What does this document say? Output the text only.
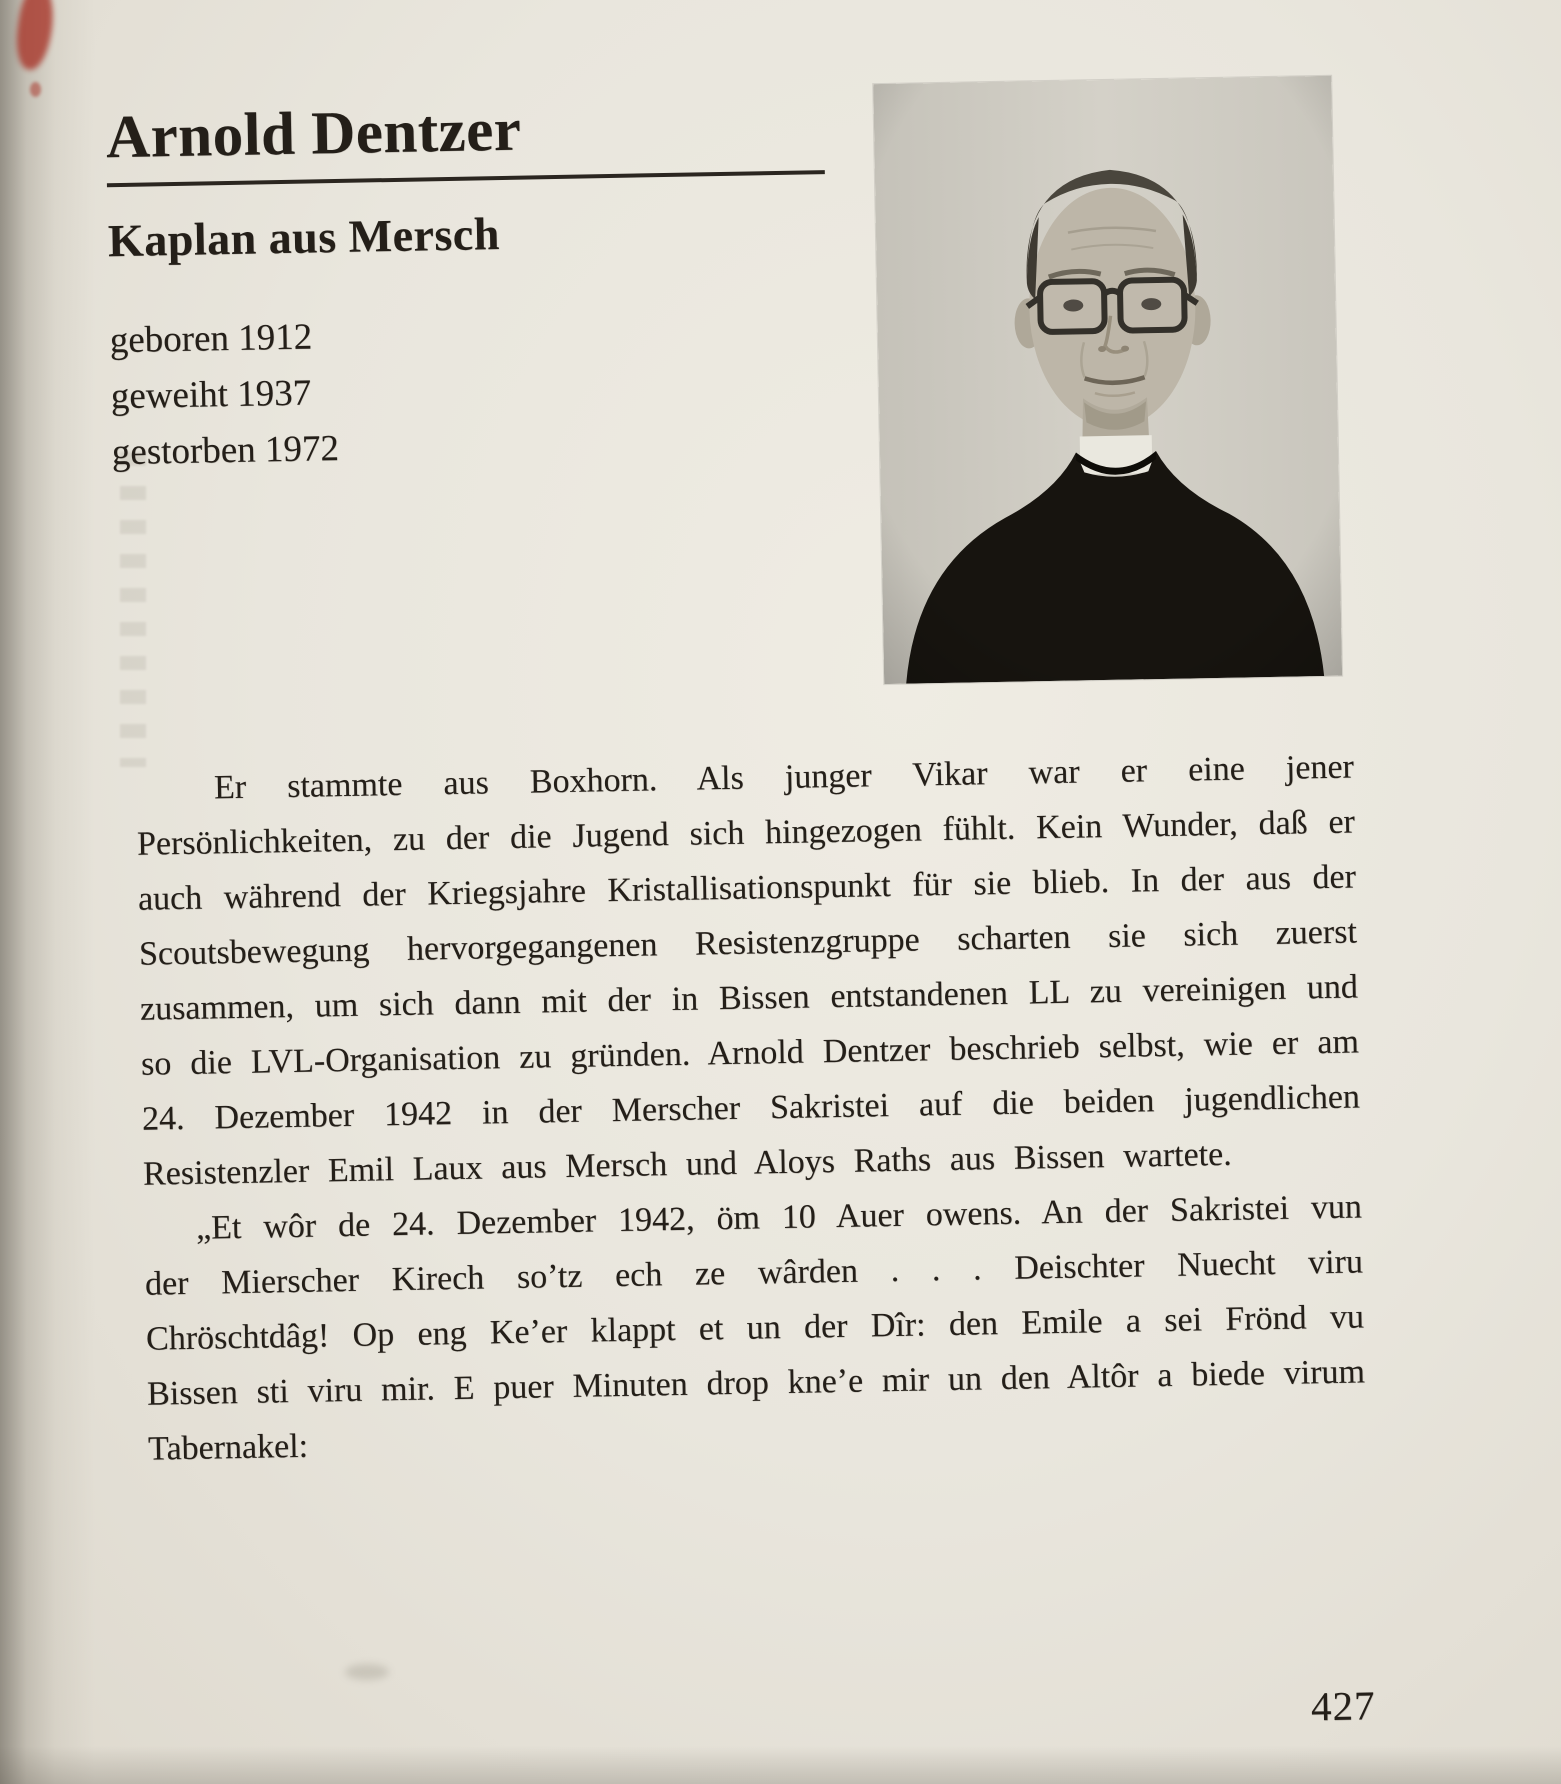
Arnold Dentzer
Kaplan aus Mersch
geboren 1912
geweiht 1937
gestorben 1972

Er stammte aus Boxhorn. Als junger Vikar war er eine jener Persönlichkeiten, zu der die Jugend sich hingezogen fühlt. Kein Wunder, daß er auch während der Kriegsjahre Kristallisationspunkt für sie blieb. In der aus der Scoutsbewegung hervorgegangenen Resistenzgruppe scharten sie sich zuerst zusammen, um sich dann mit der in Bissen entstandenen LL zu vereinigen und so die LVL-Organisation zu gründen. Arnold Dentzer beschrieb selbst, wie er am 24. Dezember 1942 in der Merscher Sakristei auf die beiden jugendlichen Resistenzler Emil Laux aus Mersch und Aloys Raths aus Bissen wartete.

„Et wôr de 24. Dezember 1942, öm 10 Auer owens. An der Sakristei vun der Mierscher Kirech so’tz ech ze wârden . . . Deischter Nuecht viru Chröschtdâg! Op eng Ke’er klappt et un der Dîr: den Emile a sei Frönd vu Bissen sti viru mir. E puer Minuten drop kne’e mir un den Altôr a biede virum Tabernakel:

427
